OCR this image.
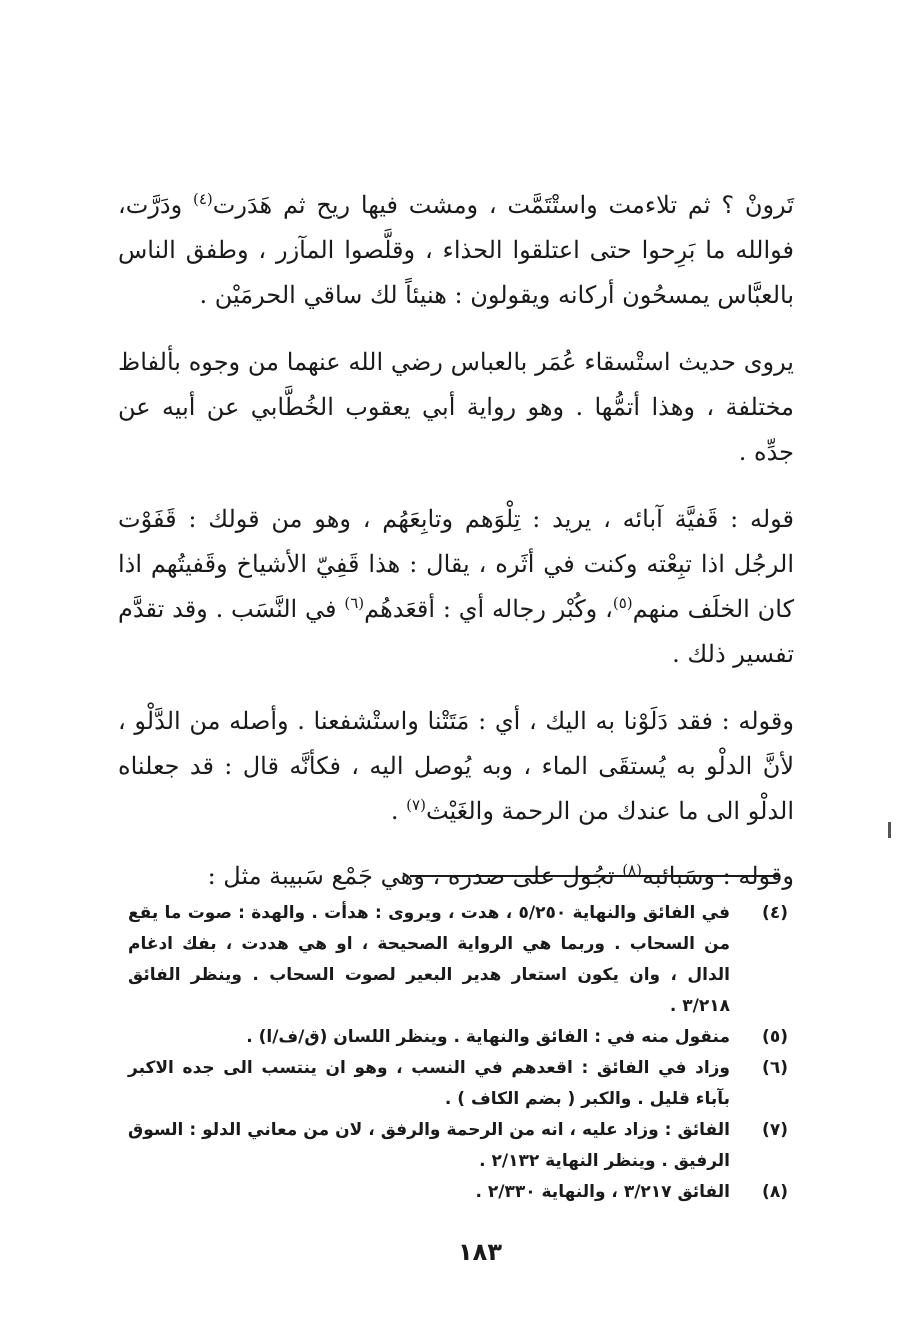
تَرونْ ؟ ثم تلاءمت واستْتَمَّت ، ومشت فيها ريح ثم هَدَرت$^{(٤)}$ ودَرَّت، فوالله ما بَرِحوا حتى اعتلقوا الحذاء ، وقلَّصوا المآزر ، وطفق الناس بالعبَّاس يمسحُون أركانه ويقولون : هنيئاً لك ساقي الحرمَيْن .

يروى حديث استْسقاء عُمَر بالعباس رضي الله عنهما من وجوه بألفاظ مختلفة ، وهذا أتمُّها . وهو رواية أبي يعقوب الخُطَّابي عن أبيه عن جدِّه .

قوله : قَفيَّة آبائه ، يريد : تِلْوَهم وتابِعَهُم ، وهو من قولك : قَفَوْت الرجُل اذا تبِعْته وكنت في أثَره ، يقال : هذا قَفِيّ الأشياخ وقَفيتُهم اذا كان الخلَف منهم$^{(٥)}$، وكُبْر رجاله أي : أقعَدهُم$^{(٦)}$ في النَّسَب . وقد تقدَّم تفسير ذلك .

وقوله : فقد دَلَوْنا به اليك ، أي : مَتَتْنا واستْشفعنا . وأصله من الدَّلْو ، لأنَّ الدلْو به يُستقَى الماء ، وبه يُوصل اليه ، فكأنَّه قال : قد جعلناه الدلْو الى ما عندك من الرحمة والغَيْث$^{(٧)}$ .

وقوله : وسَبائبه$^{(٨)}$ تجُول على صدره ، وهي جَمْع سَبيبة مثل :

(٤)
في الفائق والنهاية ٥/٢٥٠ ، هدت ، ويروى : هدأت . والهدة : صوت ما يقع من السحاب . وربما هي الرواية الصحيحة ، او هي هددت ، بفك ادغام الدال ، وان يكون استعار هدير البعير لصوت السحاب . وينظر الفائق ٣/٢١٨ .
(٥)
منقول منه في : الفائق والنهاية . وينظر اللسان (ق/ف/ا) .
(٦)
وزاد في الفائق : اقعدهم في النسب ، وهو ان ينتسب الى جده الاكبر بآباء قليل . والكبر ( بضم الكاف ) .
(٧)
الفائق : وزاد عليه ، انه من الرحمة والرفق ، لان من معاني الدلو : السوق الرفيق . وينظر النهاية ٢/١٣٢ .
(٨)
الفائق ٣/٢١٧ ، والنهاية ٢/٣٣٠ .
١٨٣
